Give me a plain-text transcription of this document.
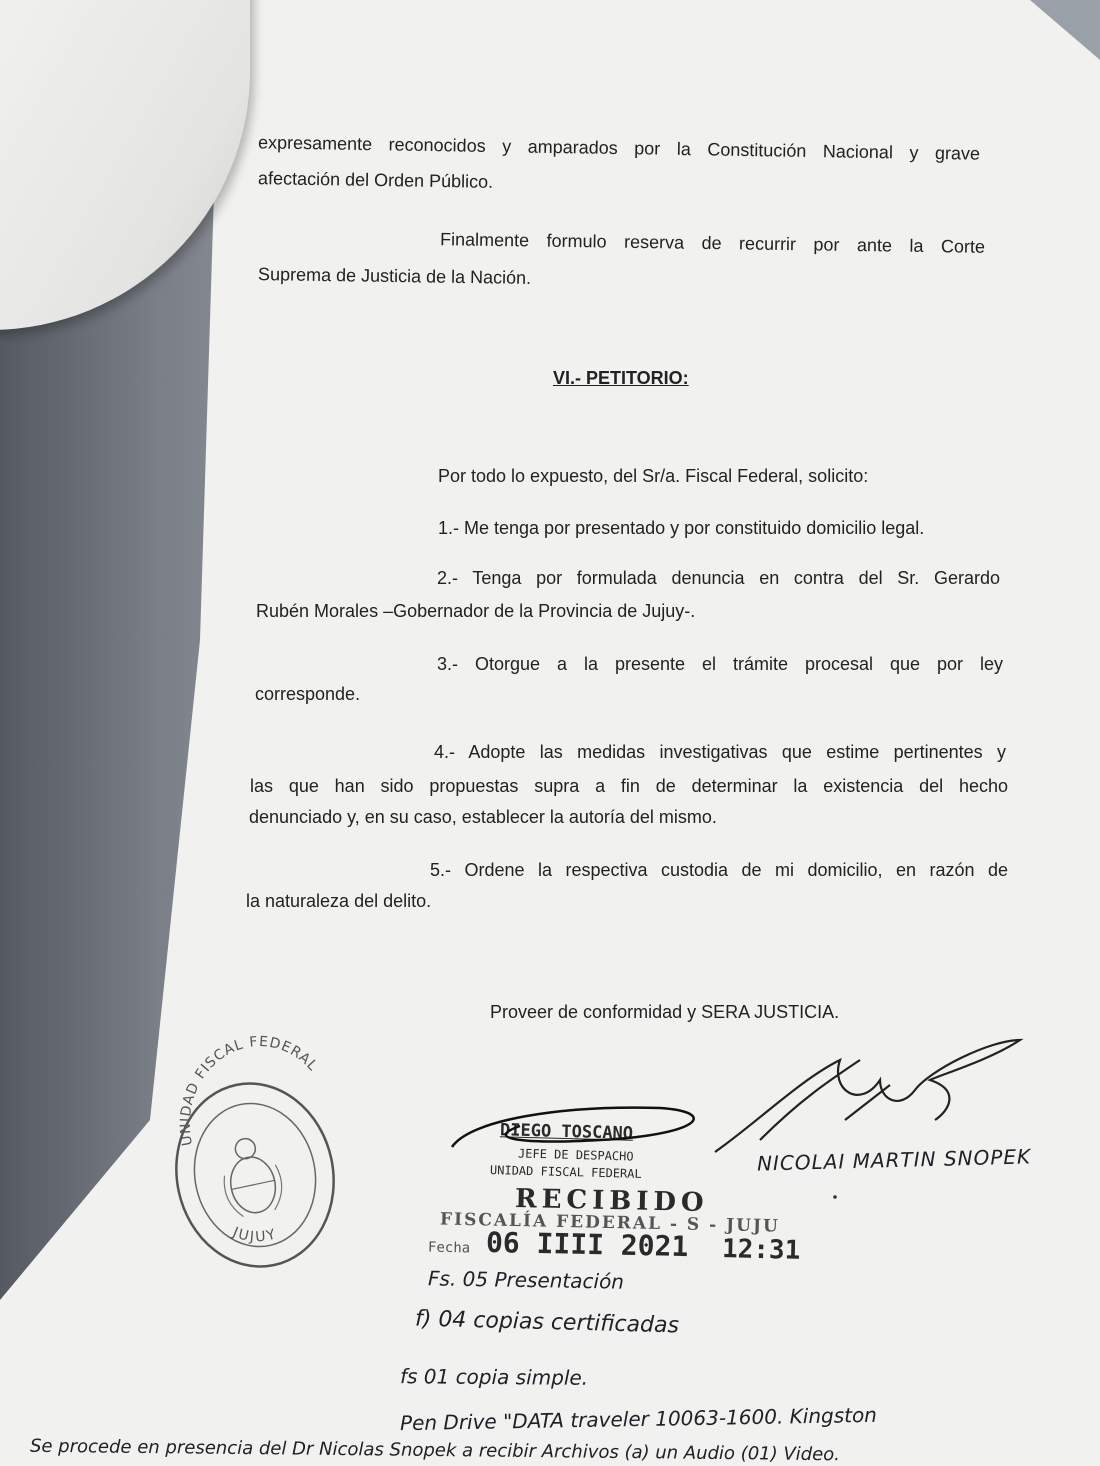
expresamente reconocidos y amparados por la Constitución Nacional y grave
afectación del Orden Público.
Finalmente formulo reserva de recurrir por ante la Corte
Suprema de Justicia de la Nación.
VI.- PETITORIO:
Por todo lo expuesto, del Sr/a. Fiscal Federal, solicito:
1.- Me tenga por presentado y por constituido domicilio legal.
2.- Tenga por formulada denuncia en contra del Sr. Gerardo
Rubén Morales –Gobernador de la Provincia de Jujuy-.
3.- Otorgue a la presente el trámite procesal que por ley
corresponde.
4.- Adopte las medidas investigativas que estime pertinentes y
las que han sido propuestas supra a fin de determinar la existencia del hecho
denunciado y, en su caso, establecer la autoría del mismo.
5.- Ordene la respectiva custodia de mi domicilio, en razón de
la naturaleza del delito.
Proveer de conformidad y SERA JUSTICIA.
UNIDAD FISCAL FEDERAL
JUJUY
DIEGO TOSCANO
JEFE DE DESPACHO
UNIDAD FISCAL FEDERAL
RECIBIDO
FISCALÍA FEDERAL - S - JUJU
Fecha 06 IIII 2021 12:31
NICOLAI MARTIN SNOPEK
Fs. 05 Presentación
f) 04 copias certificadas
fs 01 copia simple.
Pen Drive "DATA traveler 10063-1600. Kingston
Se procede en presencia del Dr Nicolas Snopek a recibir Archivos (a) un Audio (01) Video.
